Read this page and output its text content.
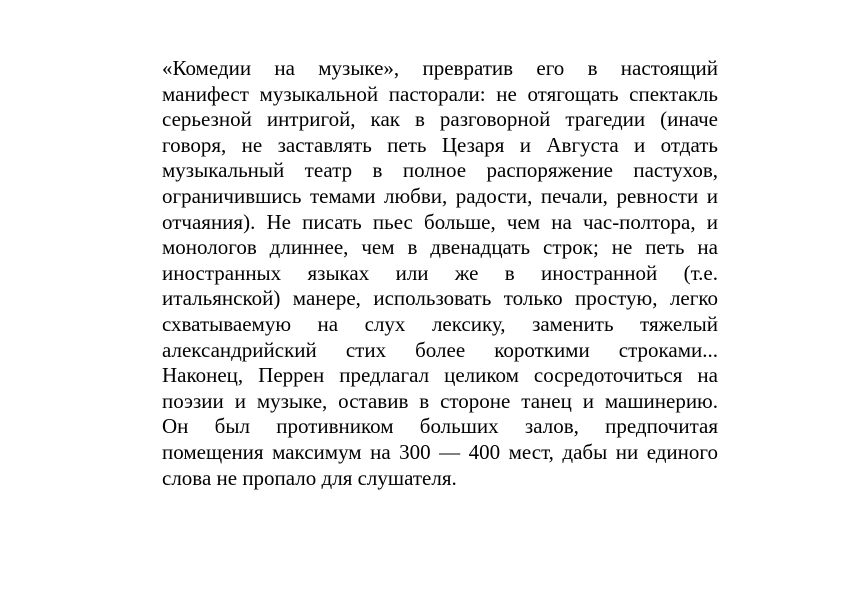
«Комедии на музыке», превратив его в настоящий
манифест музыкальной пасторали: не отягощать спектакль
серьезной интригой, как в разговорной трагедии (иначе
говоря, не заставлять петь Цезаря и Августа и отдать
музыкальный театр в полное распоряжение пастухов,
ограничившись темами любви, радости, печали, ревности и
отчаяния). Не писать пьес больше, чем на час-полтора, и
монологов длиннее, чем в двенадцать строк; не петь на
иностранных языках или же в иностранной (т.е.
итальянской) манере, использовать только простую, легко
схватываемую на слух лексику, заменить тяжелый
александрийский стих более короткими строками...
Наконец, Перрен предлагал целиком сосредоточиться на
поэзии и музыке, оставив в стороне танец и машинерию.
Он был противником больших залов, предпочитая
помещения максимум на 300 — 400 мест, дабы ни единого
слова не пропало для слушателя.
